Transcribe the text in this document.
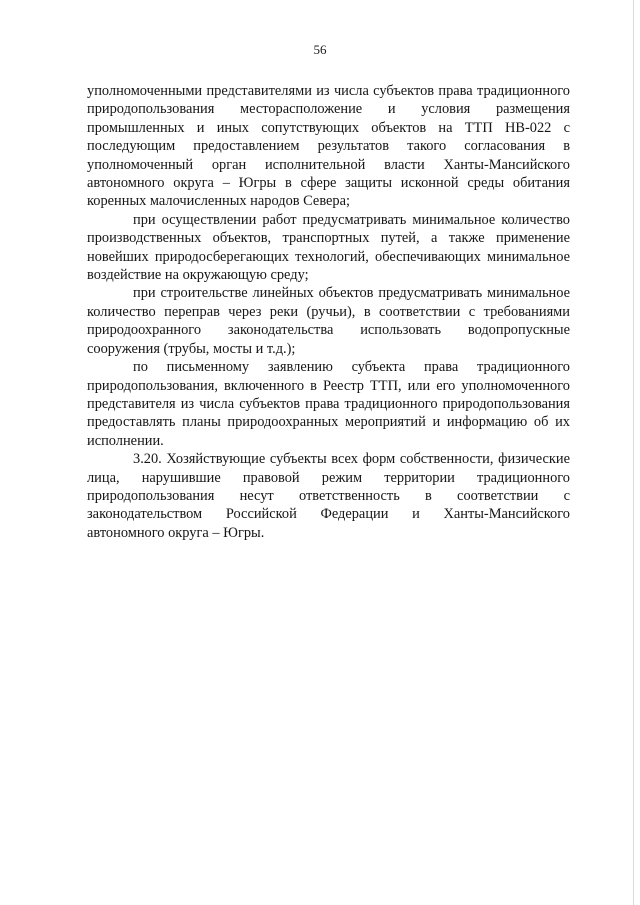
56

уполномоченными представителями из числа субъектов права традиционного природопользования месторасположение и условия размещения промышленных и иных сопутствующих объектов на ТТП НВ-022 с последующим предоставлением результатов такого согласования в уполномоченный орган исполнительной власти Ханты-Мансийского автономного округа – Югры в сфере защиты исконной среды обитания коренных малочисленных народов Севера;

при осуществлении работ предусматривать минимальное количество производственных объектов, транспортных путей, а также применение новейших природосберегающих технологий, обеспечивающих минимальное воздействие на окружающую среду;

при строительстве линейных объектов предусматривать минимальное количество переправ через реки (ручьи), в соответствии с требованиями природоохранного законодательства использовать водопропускные сооружения (трубы, мосты и т.д.);

по письменному заявлению субъекта права традиционного природопользования, включенного в Реестр ТТП, или его уполномоченного представителя из числа субъектов права традиционного природопользования предоставлять планы природоохранных мероприятий и информацию об их исполнении.

3.20. Хозяйствующие субъекты всех форм собственности, физические лица, нарушившие правовой режим территории традиционного природопользования несут ответственность в соответствии с законодательством Российской Федерации и Ханты-Мансийского автономного округа – Югры.
